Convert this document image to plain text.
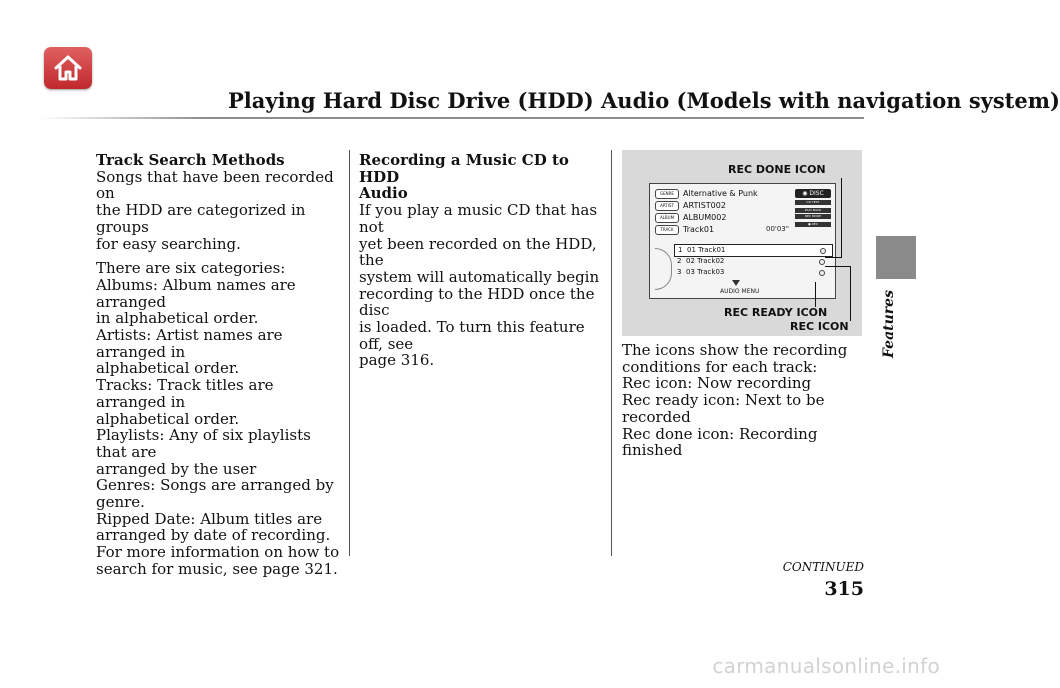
Playing Hard Disc Drive (HDD) Audio (Models with navigation system)
Features

Track Search Methods

Songs that have been recorded on

the HDD are categorized in groups

for easy searching.

There are six categories:

Albums: Album names are arranged

in alphabetical order.

Artists: Artist names are arranged in

alphabetical order.

Tracks: Track titles are arranged in

alphabetical order.

Playlists: Any of six playlists that are

arranged by the user

Genres: Songs are arranged by

genre.

Ripped Date: Album titles are

arranged by date of recording.

For more information on how to

search for music, see page 321.

Recording a Music CD to HDD

Audio

If you play a music CD that has not

yet been recorded on the HDD, the

system will automatically begin

recording to the HDD once the disc

is loaded. To turn this feature off, see

page 316.

REC DONE ICON
GENRE
ARTIST
ALBUM
TRACK
Alternative & Punk
ARTIST002
ALBUM002
Track01	00'03"
◉ DISC
CD TEXT
PLAY BACK
REC MODE
● REC
1 01 Track01
2 02 Track02
3 03 Track03
AUDIO MENU
REC READY ICON
REC ICON

The icons show the recording

conditions for each track:

Rec icon: Now recording

Rec ready icon: Next to be recorded

Rec done icon: Recording finished

CONTINUED
315
carmanualsonline.info
